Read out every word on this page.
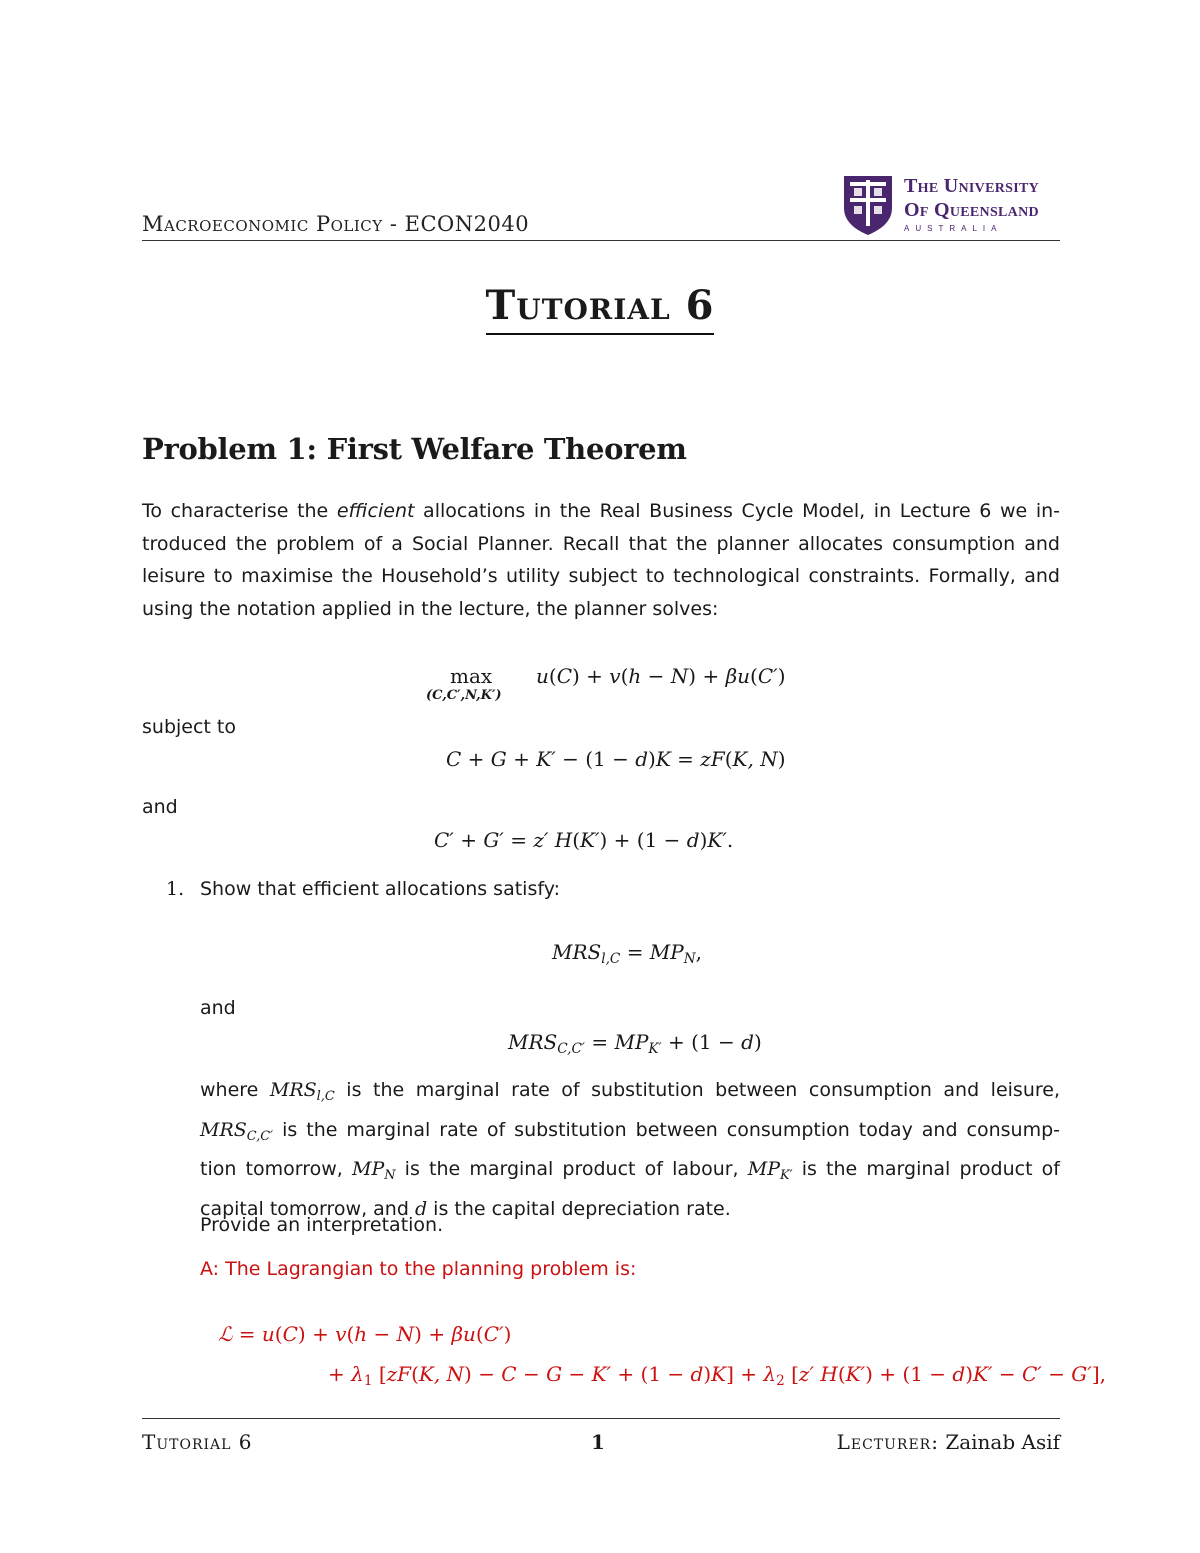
Macroeconomic Policy - ECON2040
The University
Of Queensland
AUSTRALIA
Tutorial 6
Problem 1: First Welfare Theorem
To characterise the efficient allocations in the Real Business Cycle Model, in Lecture 6 we in-troduced the problem of a Social Planner. Recall that the planner allocates consumption and leisure to maximise the Household’s utility subject to technological constraints. Formally, and using the notation applied in the lecture, the planner solves:
max
(C,C′,N,K′)
u(C) + v(h − N) + βu(C′)
subject to
C + G + K′ − (1 − d)K = zF(K, N)
and
C′ + G′ = z′ H(K′) + (1 − d)K′.
1. Show that efficient allocations satisfy:
$MRS_{l,C} = MP_N$,
and
$MRS_{C,C'} = MP_{K'} + (1 - d)$
where $MRS_{l,C}$ is the marginal rate of substitution between consumption and leisure, $MRS_{C,C'}$ is the marginal rate of substitution between consumption today and consump-tion tomorrow, $MP_N$ is the marginal product of labour, $MP_{K'}$ is the marginal product of capital tomorrow, and d is the capital depreciation rate.
Provide an interpretation.
A: The Lagrangian to the planning problem is:
ℒ = u(C) + v(h − N) + βu(C′)
+ $\lambda_1$ [zF(K, $N) - C - G - K' + (1 - d)K] + \lambda_2$ [z′ H(K′) + (1 − d)K′ − C′ − G′],
Tutorial 6	1	Lecturer: Zainab Asif
